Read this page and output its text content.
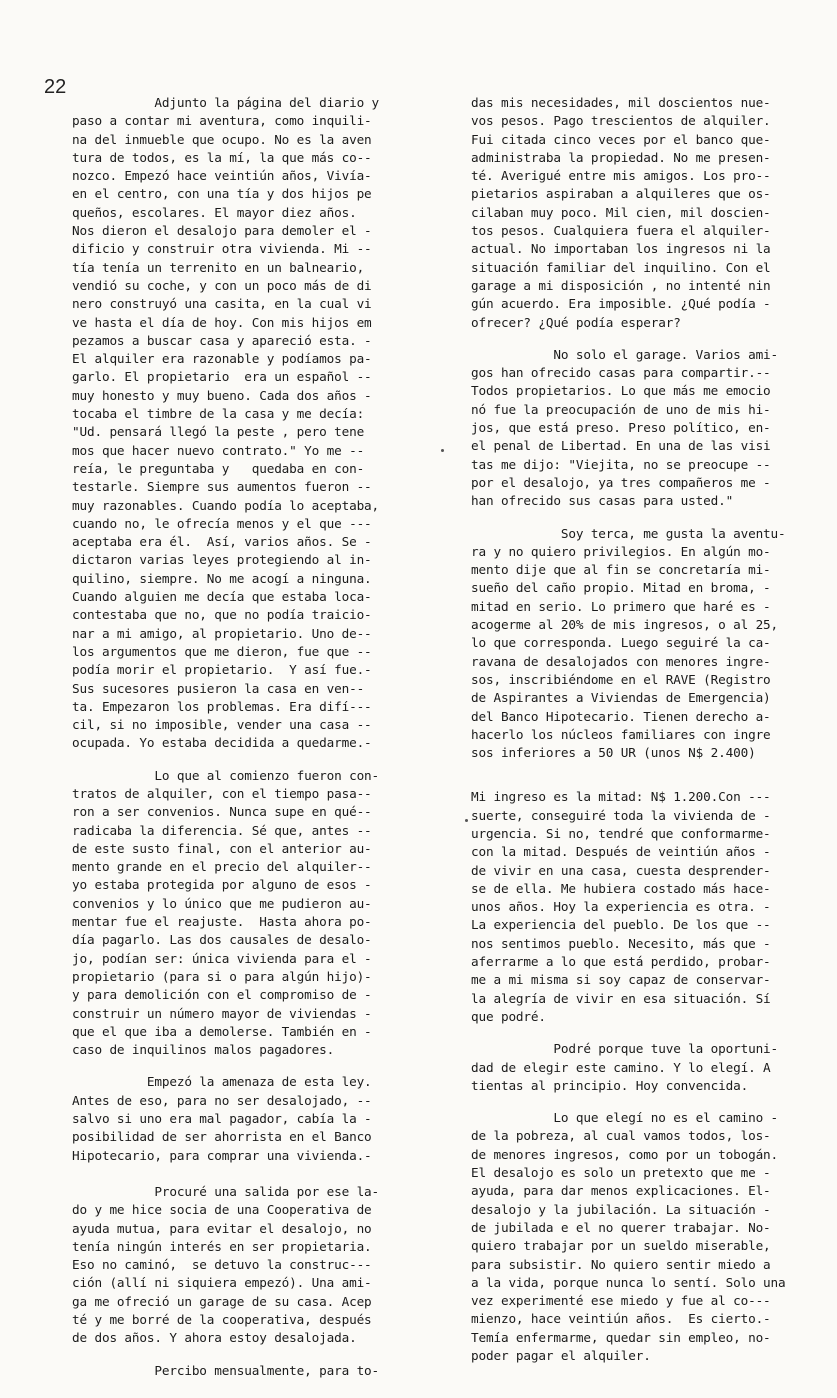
22
Adjunto la página del diario y
paso a contar mi aventura, como inquili-
na del inmueble que ocupo. No es la aven
tura de todos, es la mí, la que más co--
nozco. Empezó hace veintiún años, Vivía-
en el centro, con una tía y dos hijos pe
queños, escolares. El mayor diez años.
Nos dieron el desalojo para demoler el -
dificio y construir otra vivienda. Mi --
tía tenía un terrenito en un balneario,
vendió su coche, y con un poco más de di
nero construyó una casita, en la cual vi
ve hasta el día de hoy. Con mis hijos em
pezamos a buscar casa y apareció esta. -
El alquiler era razonable y podíamos pa-
garlo. El propietario  era un español --
muy honesto y muy bueno. Cada dos años -
tocaba el timbre de la casa y me decía:
"Ud. pensará llegó la peste , pero tene
mos que hacer nuevo contrato." Yo me --
reía, le preguntaba y   quedaba en con-
testarle. Siempre sus aumentos fueron --
muy razonables. Cuando podía lo aceptaba,
cuando no, le ofrecía menos y el que ---
aceptaba era él.  Así, varios años. Se -
dictaron varias leyes protegiendo al in-
quilino, siempre. No me acogí a ninguna.
Cuando alguien me decía que estaba loca-
contestaba que no, que no podía traicio-
nar a mi amigo, al propietario. Uno de--
los argumentos que me dieron, fue que --
podía morir el propietario.  Y así fue.-
Sus sucesores pusieron la casa en ven--
ta. Empezaron los problemas. Era difí---
cil, si no imposible, vender una casa --
ocupada. Yo estaba decidida a quedarme.-
Lo que al comienzo fueron con-
tratos de alquiler, con el tiempo pasa--
ron a ser convenios. Nunca supe en qué--
radicaba la diferencia. Sé que, antes --
de este susto final, con el anterior au-
mento grande en el precio del alquiler--
yo estaba protegida por alguno de esos -
convenios y lo único que me pudieron au-
mentar fue el reajuste.  Hasta ahora po-
día pagarlo. Las dos causales de desalo-
jo, podían ser: única vivienda para el -
propietario (para si o para algún hijo)-
y para demolición con el compromiso de -
construir un número mayor de viviendas -
que el que iba a demolerse. También en -
caso de inquilinos malos pagadores.
Empezó la amenaza de esta ley.
Antes de eso, para no ser desalojado, --
salvo si uno era mal pagador, cabía la -
posibilidad de ser ahorrista en el Banco
Hipotecario, para comprar una vivienda.-
Procuré una salida por ese la-
do y me hice socia de una Cooperativa de
ayuda mutua, para evitar el desalojo, no
tenía ningún interés en ser propietaria.
Eso no caminó,  se detuvo la construc---
ción (allí ni siquiera empezó). Una ami-
ga me ofreció un garage de su casa. Acep
té y me borré de la cooperativa, después
de dos años. Y ahora estoy desalojada.
Percibo mensualmente, para to-
das mis necesidades, mil doscientos nue-
vos pesos. Pago trescientos de alquiler.
Fui citada cinco veces por el banco que-
administraba la propiedad. No me presen-
té. Averigué entre mis amigos. Los pro--
pietarios aspiraban a alquileres que os-
cilaban muy poco. Mil cien, mil doscien-
tos pesos. Cualquiera fuera el alquiler-
actual. No importaban los ingresos ni la
situación familiar del inquilino. Con el
garage a mi disposición , no intenté nin
gún acuerdo. Era imposible. ¿Qué podía -
ofrecer? ¿Qué podía esperar?
No solo el garage. Varios ami-
gos han ofrecido casas para compartir.--
Todos propietarios. Lo que más me emocio
nó fue la preocupación de uno de mis hi-
jos, que está preso. Preso político, en-
el penal de Libertad. En una de las visi
tas me dijo: "Viejita, no se preocupe --
por el desalojo, ya tres compañeros me -
han ofrecido sus casas para usted."
Soy terca, me gusta la aventu-
ra y no quiero privilegios. En algún mo-
mento dije que al fin se concretaría mi-
sueño del caño propio. Mitad en broma, -
mitad en serio. Lo primero que haré es -
acogerme al 20% de mis ingresos, o al 25,
lo que corresponda. Luego seguiré la ca-
ravana de desalojados con menores ingre-
sos, inscribiéndome en el RAVE (Registro
de Aspirantes a Viviendas de Emergencia)
del Banco Hipotecario. Tienen derecho a-
hacerlo los núcleos familiares con ingre
sos inferiores a 50 UR (unos N$ 2.400)
Mi ingreso es la mitad: N$ 1.200.Con ---
suerte, conseguiré toda la vivienda de -
urgencia. Si no, tendré que conformarme-
con la mitad. Después de veintiún años -
de vivir en una casa, cuesta desprender-
se de ella. Me hubiera costado más hace-
unos años. Hoy la experiencia es otra. -
La experiencia del pueblo. De los que --
nos sentimos pueblo. Necesito, más que -
aferrarme a lo que está perdido, probar-
me a mi misma si soy capaz de conservar-
la alegría de vivir en esa situación. Sí
que podré.
Podré porque tuve la oportuni-
dad de elegir este camino. Y lo elegí. A
tientas al principio. Hoy convencida.
Lo que elegí no es el camino -
de la pobreza, al cual vamos todos, los-
de menores ingresos, como por un tobogán.
El desalojo es solo un pretexto que me -
ayuda, para dar menos explicaciones. El-
desalojo y la jubilación. La situación -
de jubilada e el no querer trabajar. No-
quiero trabajar por un sueldo miserable,
para subsistir. No quiero sentir miedo a
a la vida, porque nunca lo sentí. Solo una
vez experimenté ese miedo y fue al co---
mienzo, hace veintiún años.  Es cierto.-
Temía enfermarme, quedar sin empleo, no-
poder pagar el alquiler.
